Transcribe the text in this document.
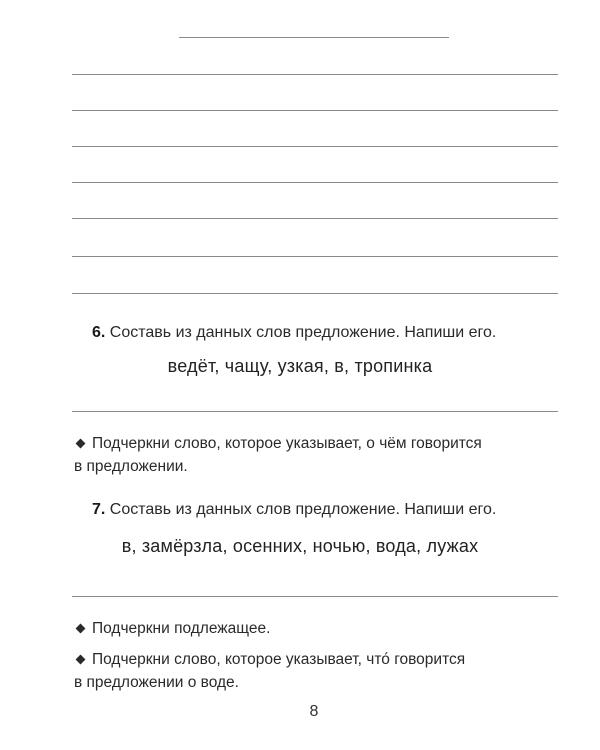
6. Составь из данных слов предложение. Напиши его.
ведёт, чащу, узкая, в, тропинка
Подчеркни слово, которое указывает, о чём говорится
в предложении.
7. Составь из данных слов предложение. Напиши его.
в, замёрзла, осенних, ночью, вода, лужах
Подчеркни подлежащее.
Подчеркни слово, которое указывает, что́ говорится
в предложении о воде.
8
